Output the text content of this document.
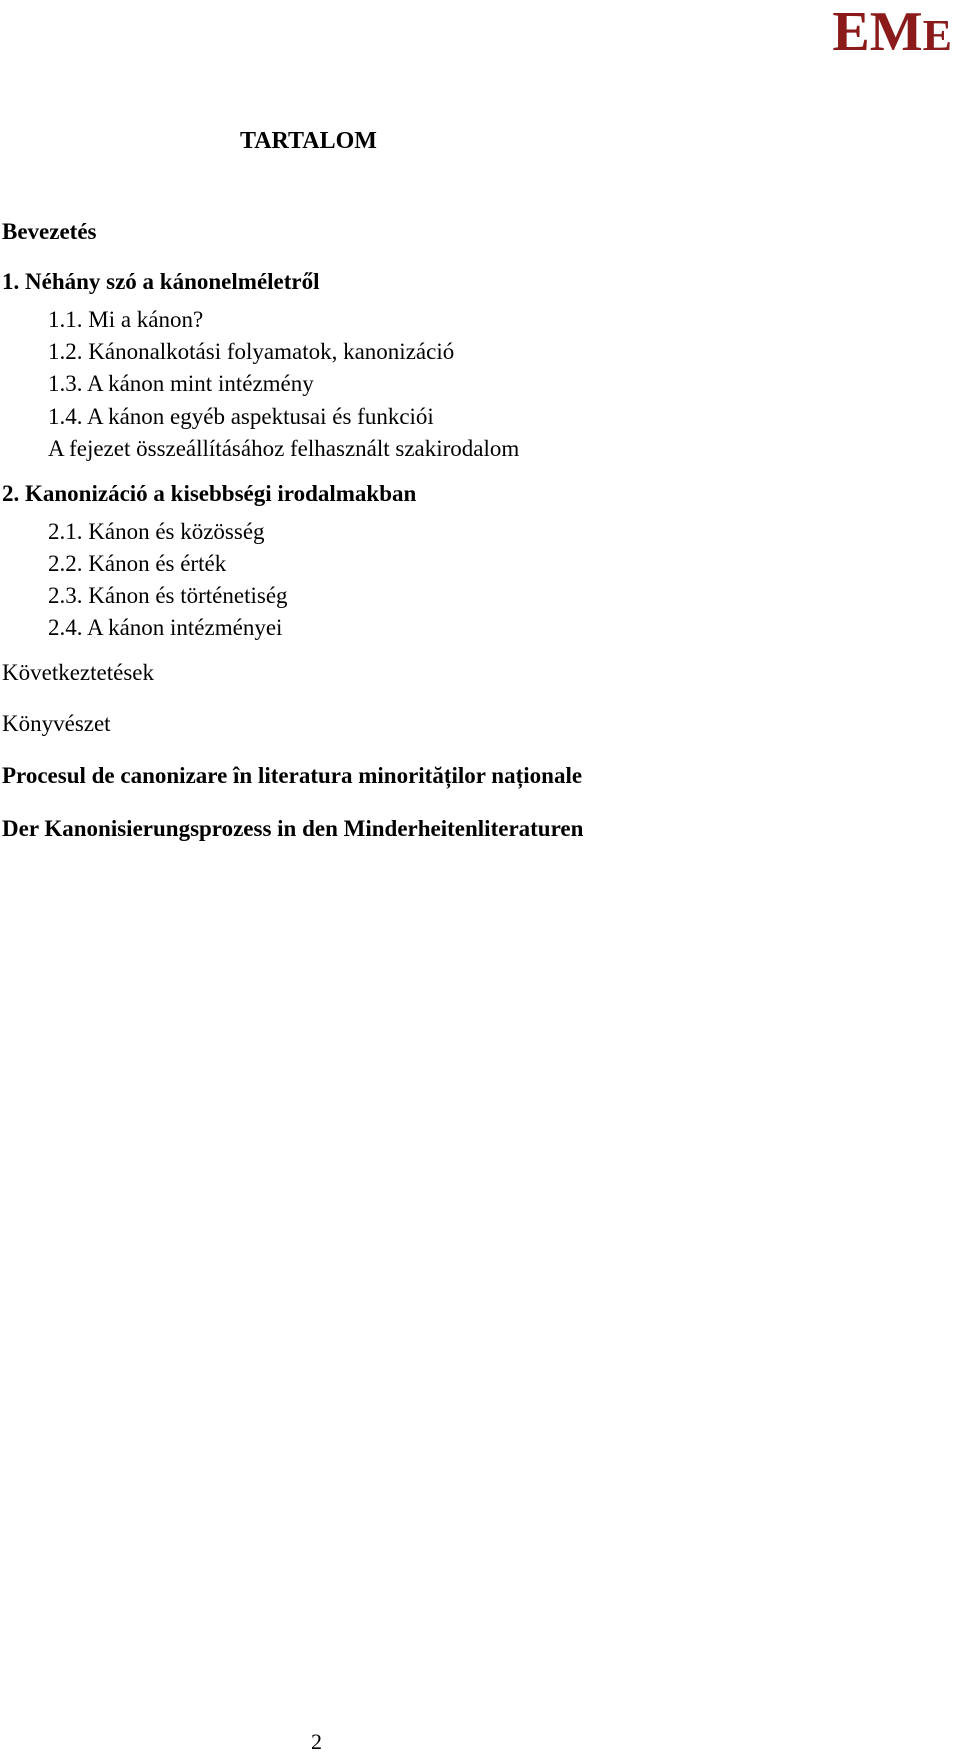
EME
TARTALOM
Bevezetés
1. Néhány szó a kánonelméletről
1.1. Mi a kánon?
1.2. Kánonalkotási folyamatok, kanonizáció
1.3. A kánon mint intézmény
1.4. A kánon egyéb aspektusai és funkciói
A fejezet összeállításához felhasznált szakirodalom
2. Kanonizáció a kisebbségi irodalmakban
2.1. Kánon és közösség
2.2. Kánon és érték
2.3. Kánon és történetiség
2.4. A kánon intézményei
Következtetések
Könyvészet
Procesul de canonizare în literatura minorităților naționale
Der Kanonisierungsprozess in den Minderheitenliteraturen
2
